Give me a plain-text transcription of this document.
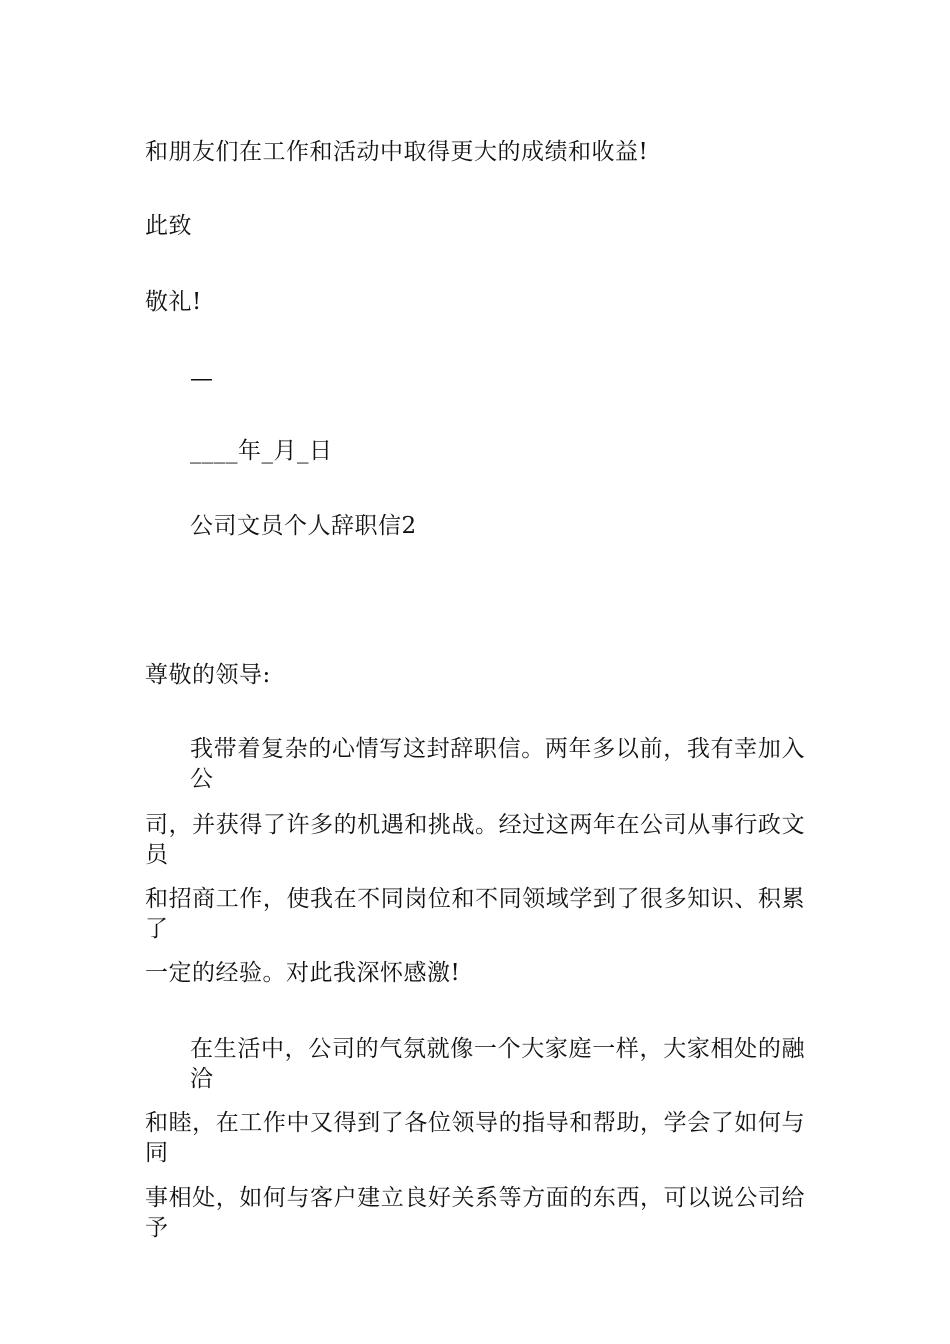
和朋友们在工作和活动中取得更大的成绩和收益!
此致
敬礼!
—
____年_月_日
公司文员个人辞职信2
尊敬的领导:
我带着复杂的心情写这封辞职信。两年多以前，我有幸加入公
司，并获得了许多的机遇和挑战。经过这两年在公司从事行政文员
和招商工作，使我在不同岗位和不同领域学到了很多知识、积累了
一定的经验。对此我深怀感激!
在生活中，公司的气氛就像一个大家庭一样，大家相处的融洽
和睦，在工作中又得到了各位领导的指导和帮助，学会了如何与同
事相处，如何与客户建立良好关系等方面的东西，可以说公司给予
